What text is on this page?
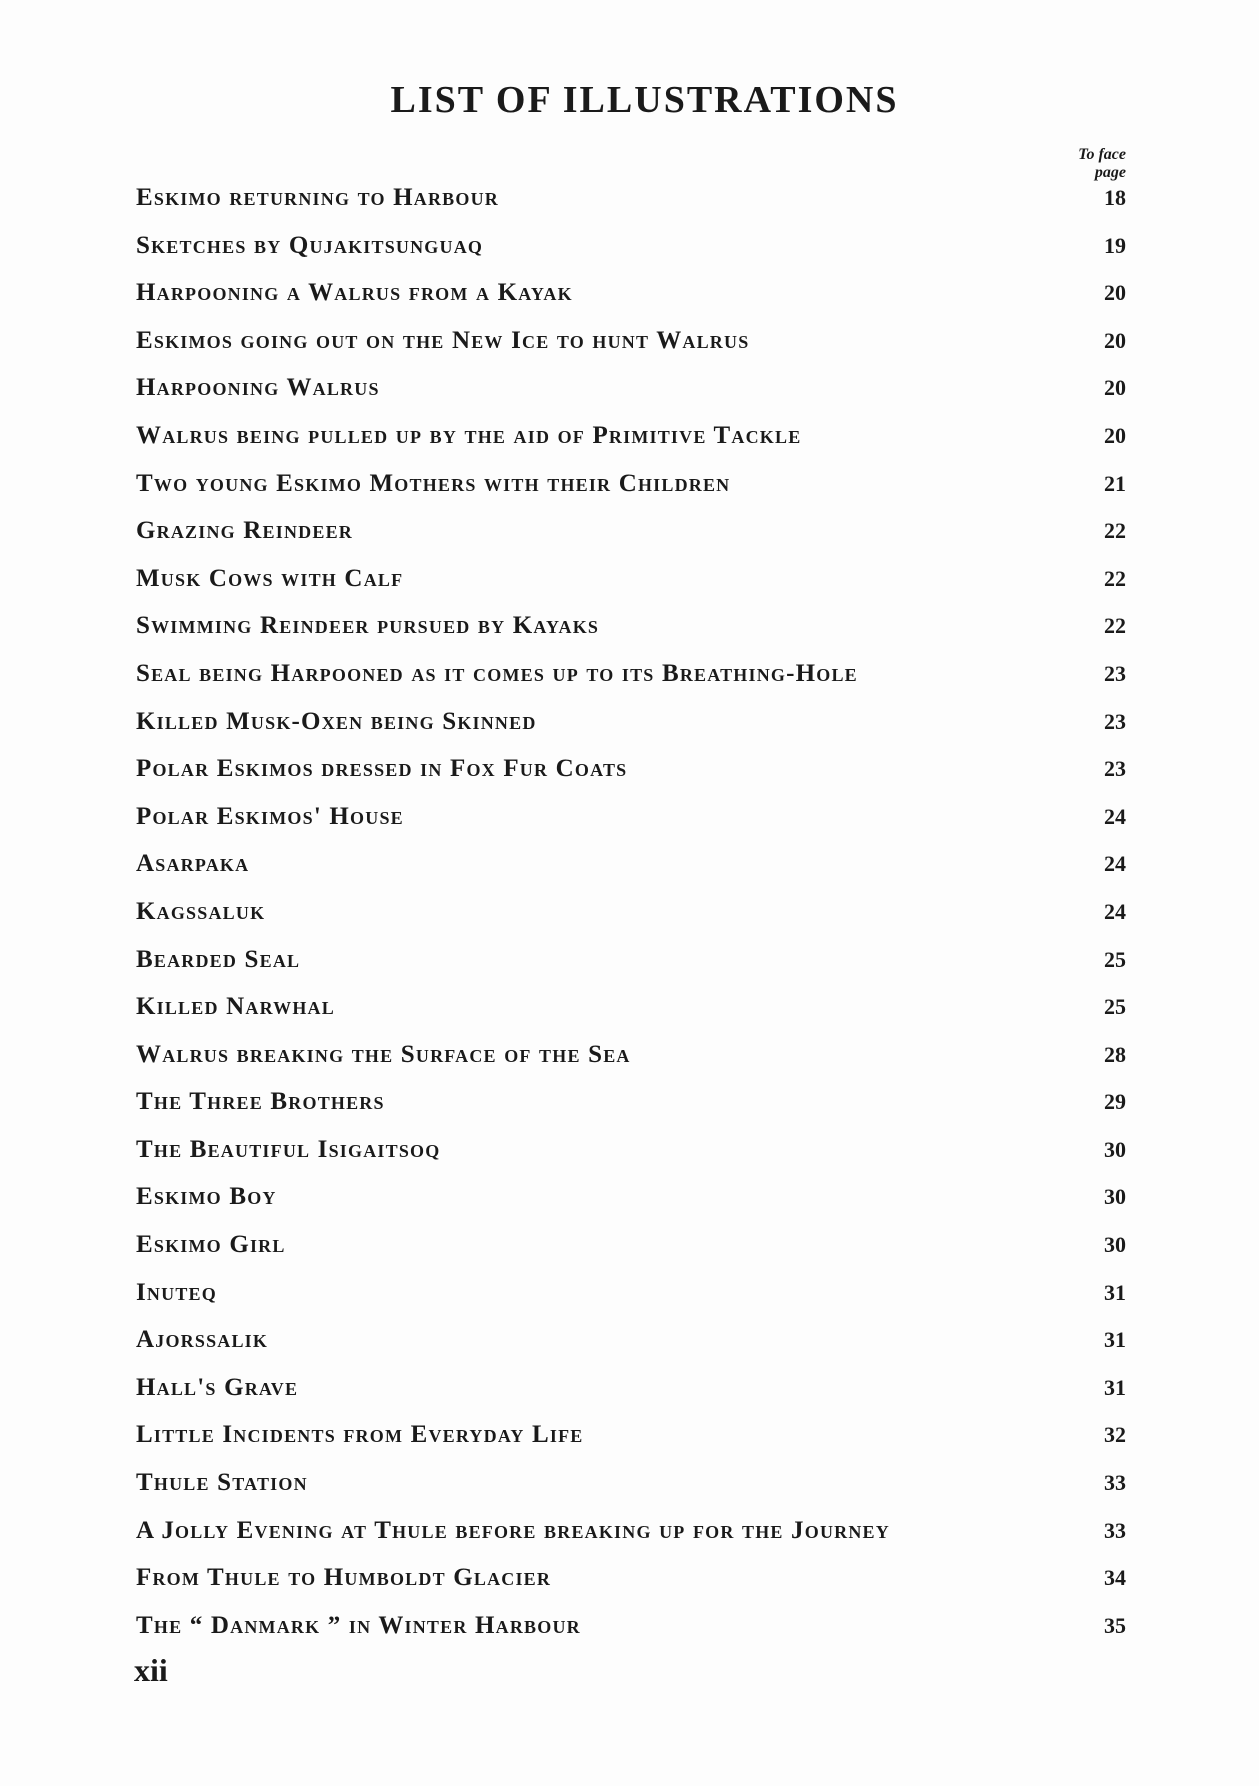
LIST OF ILLUSTRATIONS
To face
page
Eskimo returning to Harbour	18
Sketches by Qujakitsunguaq	19
Harpooning a Walrus from a Kayak	20
Eskimos going out on the New Ice to hunt Walrus	20
Harpooning Walrus	20
Walrus being pulled up by the aid of Primitive Tackle	20
Two young Eskimo Mothers with their Children	21
Grazing Reindeer	22
Musk Cows with Calf	22
Swimming Reindeer pursued by Kayaks	22
Seal being Harpooned as it comes up to its Breathing-Hole	23
Killed Musk-Oxen being Skinned	23
Polar Eskimos dressed in Fox Fur Coats	23
Polar Eskimos' House	24
Asarpaka	24
Kagssaluk	24
Bearded Seal	25
Killed Narwhal	25
Walrus breaking the Surface of the Sea	28
The Three Brothers	29
The Beautiful Isigaitsoq	30
Eskimo Boy	30
Eskimo Girl	30
Inuteq	31
Ajorssalik	31
Hall's Grave	31
Little Incidents from Everyday Life	32
Thule Station	33
A Jolly Evening at Thule before breaking up for the Journey	33
From Thule to Humboldt Glacier	34
The “ Danmark ” in Winter Harbour	35
xii
